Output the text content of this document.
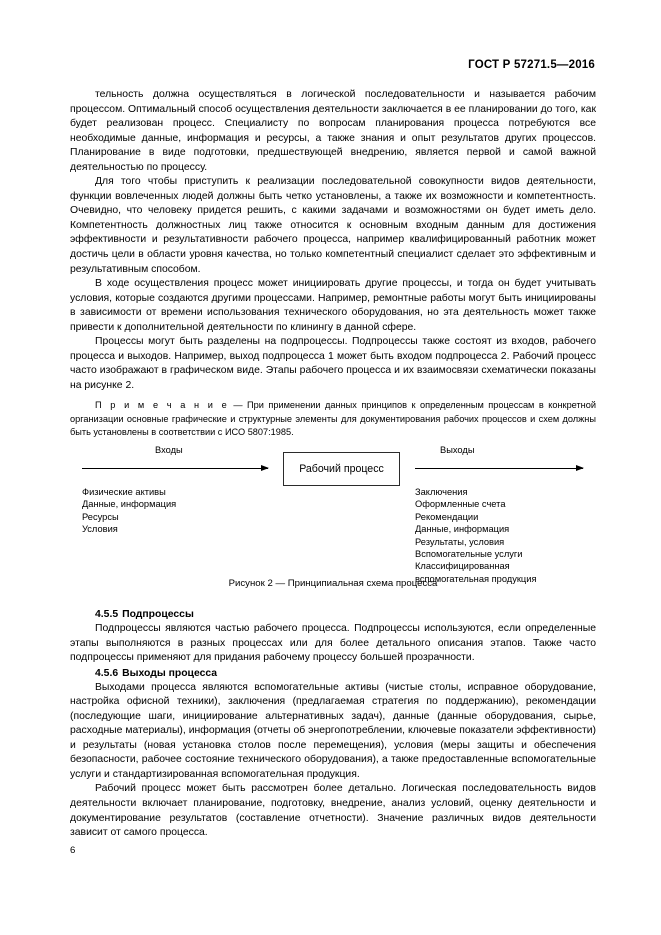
ГОСТ Р 57271.5—2016

тельность должна осуществляться в логической последовательности и называется рабочим процессом. Оптимальный способ осуществления деятельности заключается в ее планировании до того, как будет реализован процесс. Специалисту по вопросам планирования процесса потребуются все необходимые данные, информация и ресурсы, а также знания и опыт результатов других процессов. Планирование в виде подготовки, предшествующей внедрению, является первой и самой важной деятельностью по процессу.

Для того чтобы приступить к реализации последовательной совокупности видов деятельности, функции вовлеченных людей должны быть четко установлены, а также их возможности и компетентность. Очевидно, что человеку придется решить, с какими задачами и возможностями он будет иметь дело. Компетентность должностных лиц также относится к основным входным данным для достижения эффективности и результативности рабочего процесса, например квалифицированный работник может достичь цели в области уровня качества, но только компетентный специалист сделает это эффективным и результативным способом.

В ходе осуществления процесс может инициировать другие процессы, и тогда он будет учитывать условия, которые создаются другими процессами. Например, ремонтные работы могут быть инициированы в зависимости от времени использования технического оборудования, но эта деятельность может также привести к дополнительной деятельности по клинингу в данной сфере.

Процессы могут быть разделены на подпроцессы. Подпроцессы также состоят из входов, рабочего процесса и выходов. Например, выход подпроцесса 1 может быть входом подпроцесса 2. Рабочий процесс часто изображают в графическом виде. Этапы рабочего процесса и их взаимосвязи схематически показаны на рисунке 2.

П р и м е ч а н и е — При применении данных принципов к определенным процессам в конкретной организации основные графические и структурные элементы для документирования рабочих процессов и схем должны быть установлены в соответствии с ИСО 5807:1985.

Входы	Выходы
Рабочий процесс
Физические активы
Данные, информация
Ресурсы
Условия
Заключения
Оформленные счета
Рекомендации
Данные, информация
Результаты, условия
Вспомогательные услуги
Классифицированная
вспомогательная продукция
Рисунок 2 — Принципиальная схема процесса
4.5.5 Подпроцессы

Подпроцессы являются частью рабочего процесса. Подпроцессы используются, если определенные этапы выполняются в разных процессах или для более детального описания этапов. Также часто подпроцессы применяют для придания рабочему процессу большей прозрачности.

4.5.6 Выходы процесса

Выходами процесса являются вспомогательные активы (чистые столы, исправное оборудование, настройка офисной техники), заключения (предлагаемая стратегия по поддержанию), рекомендации (последующие шаги, инициирование альтернативных задач), данные (данные оборудования, сырье, расходные материалы), информация (отчеты об энергопотреблении, ключевые показатели эффективности) и результаты (новая установка столов после перемещения), условия (меры защиты и обеспечения безопасности, рабочее состояние технического оборудования), а также предоставленные вспомогательные услуги и стандартизированная вспомогательная продукция.

Рабочий процесс может быть рассмотрен более детально. Логическая последовательность видов деятельности включает планирование, подготовку, внедрение, анализ условий, оценку деятельности и документирование результатов (составление отчетности). Значение различных видов деятельности зависит от самого процесса.

6
